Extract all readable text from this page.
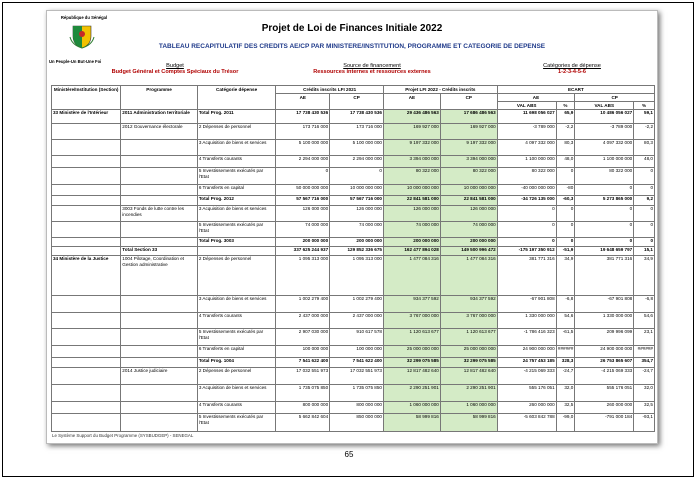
République du Sénégal
Un Peuple-Un But-Une Foi
Projet de Loi de Finances Initiale 2022
TABLEAU RECAPITULATIF DES CREDITS AE/CP PAR MINISTERE/INSTITUTION, PROGRAMME ET CATEGORIE DE DEPENSE
Budget
Budget Général et Comptes Spéciaux du Trésor
Source de financement
Ressources internes et ressources externes
Catégories de dépense
1-2-3-4-5-6
Ministère/Institution (Section)	Programme	Catégorie dépense	Crédits inscrits LFI 2021		Projet LFI 2022 - Crédits inscrits		ECART			
			AE	CP	AE	CP	AE		CP	
							VAL ABS	%	VAL ABS	%
33 Ministère de l'Intérieur	2011 Administration territoriale	Total Prog. 2011	17 738 430 536	17 738 430 536	29 436 486 563	17 686 486 563	11 698 056 027	65,9	10 486 056 027	59,1
	2012 Gouvernance électorale	2 Dépenses de personnel	173 716 000	173 716 000	169 927 000	169 927 000	-3 789 000	-2,2	-3 789 000	-2,2
		3 Acquisition de biens et services	5 100 000 000	5 100 000 000	9 197 332 000	9 197 332 000	4 097 332 000	80,3	4 097 332 000	80,3
		4 Transferts courants	2 294 000 000	2 294 000 000	3 394 000 000	3 394 000 000	1 100 000 000	48,0	1 100 000 000	48,0
		5 Investissements exécutés par l'Etat	0	0	80 322 000	80 322 000	80 322 000	0	80 322 000	0
		6 Transferts en capital	50 000 000 000	10 000 000 000	10 000 000 000	10 000 000 000	-40 000 000 000	-80	0	0
		Total Prog. 2012	57 567 716 000	57 567 716 000	22 841 581 000	22 841 581 000	-34 726 135 000	-60,3	5 273 865 000	9,2
	3003 Fonds de lutte contre les incendies	3 Acquisition de biens et services	126 000 000	126 000 000	126 000 000	126 000 000	0	0	0	0
		5 Investissements exécutés par l'Etat	74 000 000	74 000 000	74 000 000	74 000 000	0	0	0	0
		Total Prog. 3003	200 000 000	200 000 000	200 000 000	200 000 000	0	0	0	0
	Total Section 33		337 625 244 937	129 852 336 675	162 477 894 028	149 500 996 472	-175 197 350 912	-51,9	19 648 659 797	15,1
34 Ministère de la Justice	1004 Pilotage, Coordination et Gestion administrative	2 Dépenses de personnel	1 095 313 000	1 095 313 000	1 477 084 316	1 477 084 316	381 771 316	34,9	381 771 316	34,9
		3 Acquisition de biens et services	1 002 279 400	1 002 279 400	934 377 592	934 377 592	-67 901 808	-6,8	-67 901 808	-6,8
		4 Transferts courants	2 437 000 000	2 437 000 000	3 767 000 000	3 767 000 000	1 330 000 000	54,6	1 330 000 000	54,6
		5 Investissements exécutés par l'Etat	2 907 030 000	910 617 578	1 120 613 677	1 120 613 677	-1 786 416 323	-61,5	209 996 099	23,1
		6 Transferts en capital	100 000 000	100 000 000	25 000 000 000	25 000 000 000	24 900 000 000	######	24 900 000 000	######
		Total Prog. 1004	7 541 622 400	7 541 622 400	32 299 075 585	32 299 075 585	24 757 453 185	328,3	26 753 865 607	354,7
	2014 Justice judiciaire	2 Dépenses de personnel	17 032 551 973	17 032 551 973	12 817 482 640	12 817 482 640	-4 215 069 333	-24,7	-4 215 069 333	-24,7
		3 Acquisition de biens et services	1 735 075 850	1 735 075 850	2 290 251 901	2 290 251 901	555 176 051	32,0	555 176 051	32,0
		4 Transferts courants	800 000 000	800 000 000	1 060 000 000	1 060 000 000	260 000 000	32,5	260 000 000	32,5
		5 Investissements exécutés par l'Etat	5 662 842 604	850 000 000	58 999 816	58 999 816	-5 603 842 788	-99,0	-791 000 184	-93,1
Le Système Support du Budget Programme (SYSBUDGEP) - SENEGAL
65
